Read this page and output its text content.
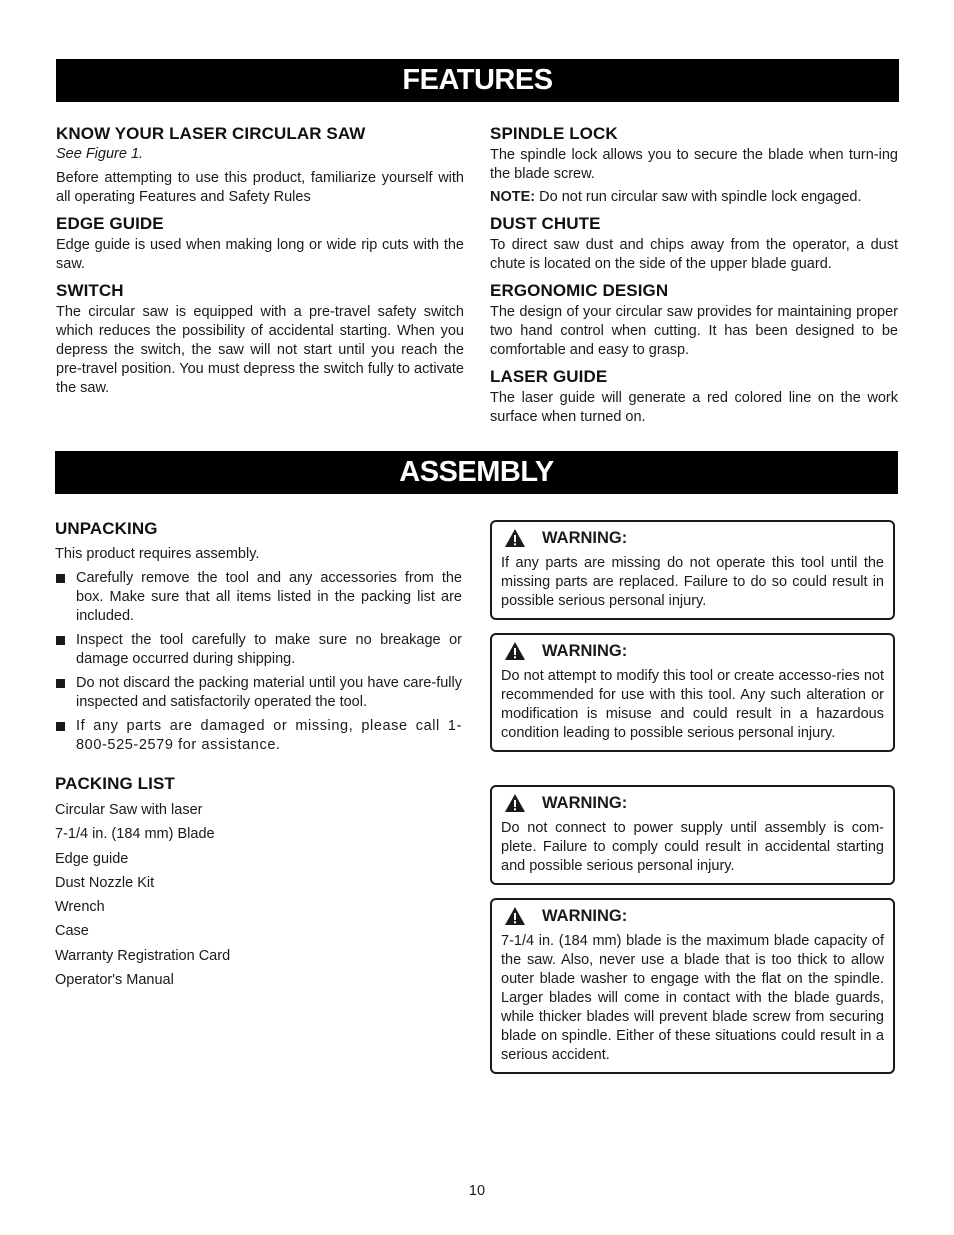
FEATURES
KNOW YOUR LASER CIRCULAR SAW

See Figure 1.

Before attempting to use this product, familiarize yourself with all operating Features and Safety Rules

EDGE GUIDE

Edge guide is used when making long or wide rip cuts with the saw.

SWITCH

The circular saw is equipped with a pre-travel safety switch which reduces the possibility of accidental starting. When you depress the switch, the saw will not start until you reach the pre-travel position. You must depress the switch fully to activate the saw.

SPINDLE LOCK

The spindle lock allows you to secure the blade when turn-ing the blade screw.

NOTE: Do not run circular saw with spindle lock engaged.

DUST CHUTE

To direct saw dust and chips away from the operator, a dust chute is located on the side of the upper blade guard.

ERGONOMIC DESIGN

The design of your circular saw provides for maintaining proper two hand control when cutting. It has been designed to be comfortable and easy to grasp.

LASER GUIDE

The laser guide will generate a red colored line on the work surface when turned on.

ASSEMBLY
UNPACKING

This product requires assembly.

Carefully remove the tool and any accessories from the box. Make sure that all items listed in the packing list are included.
Inspect the tool carefully to make sure no breakage or damage occurred during shipping.
Do not discard the packing material until you have care-fully inspected and satisfactorily operated the tool.
If any parts are damaged or missing, please call 1-800-525-2579 for assistance.
PACKING LIST
Circular Saw with laser
7-1/4 in. (184 mm) Blade
Edge guide
Dust Nozzle Kit
Wrench
Case
Warranty Registration Card
Operator's Manual
WARNING:

If any parts are missing do not operate this tool until the missing parts are replaced. Failure to do so could result in possible serious personal injury.

WARNING:

Do not attempt to modify this tool or create accesso-ries not recommended for use with this tool. Any such alteration or modification is misuse and could result in a hazardous condition leading to possible serious personal injury.

WARNING:

Do not connect to power supply until assembly is com-plete. Failure to comply could result in accidental starting and possible serious personal injury.

WARNING:

7-1/4 in. (184 mm) blade is the maximum blade capacity of the saw. Also, never use a blade that is too thick to allow outer blade washer to engage with the flat on the spindle. Larger blades will come in contact with the blade guards, while thicker blades will prevent blade screw from securing blade on spindle. Either of these situations could result in a serious accident.

10
